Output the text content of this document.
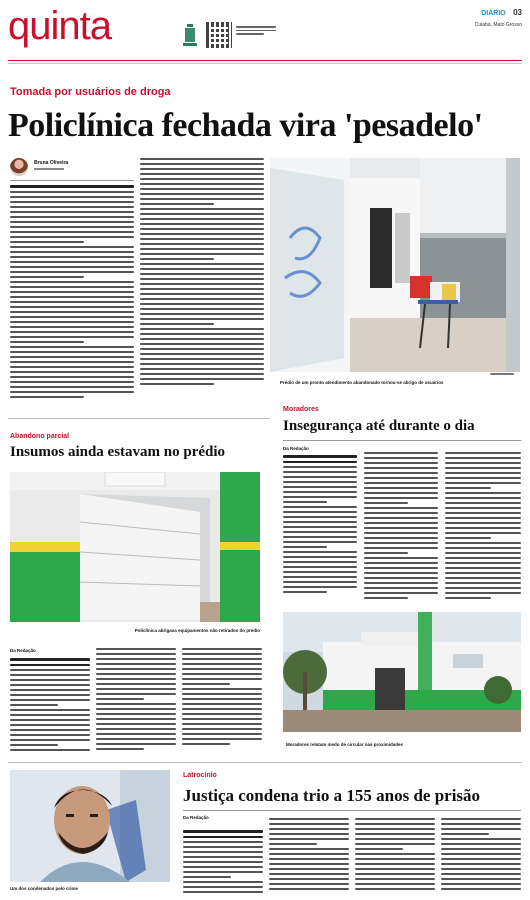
quinta	DIÁRIO 03
Cuiabá, Mato Grosso
Tomada por usuários de droga
Policlínica fechada vira 'pesadelo'
Bruna Oliveira
Prédio de um pronto atendimento abandonado tornou-se abrigo de usuários
Moradores
Insegurança até durante o dia
Da Redação
Moradores relatam medo de circular nas proximidades
Abandono parcial
Insumos ainda estavam no prédio
Policlínica abrigava equipamentos não retirados do prédio
Da Redação
Um dos condenados pelo crime
Latrocínio
Justiça condena trio a 155 anos de prisão
Da Redação
